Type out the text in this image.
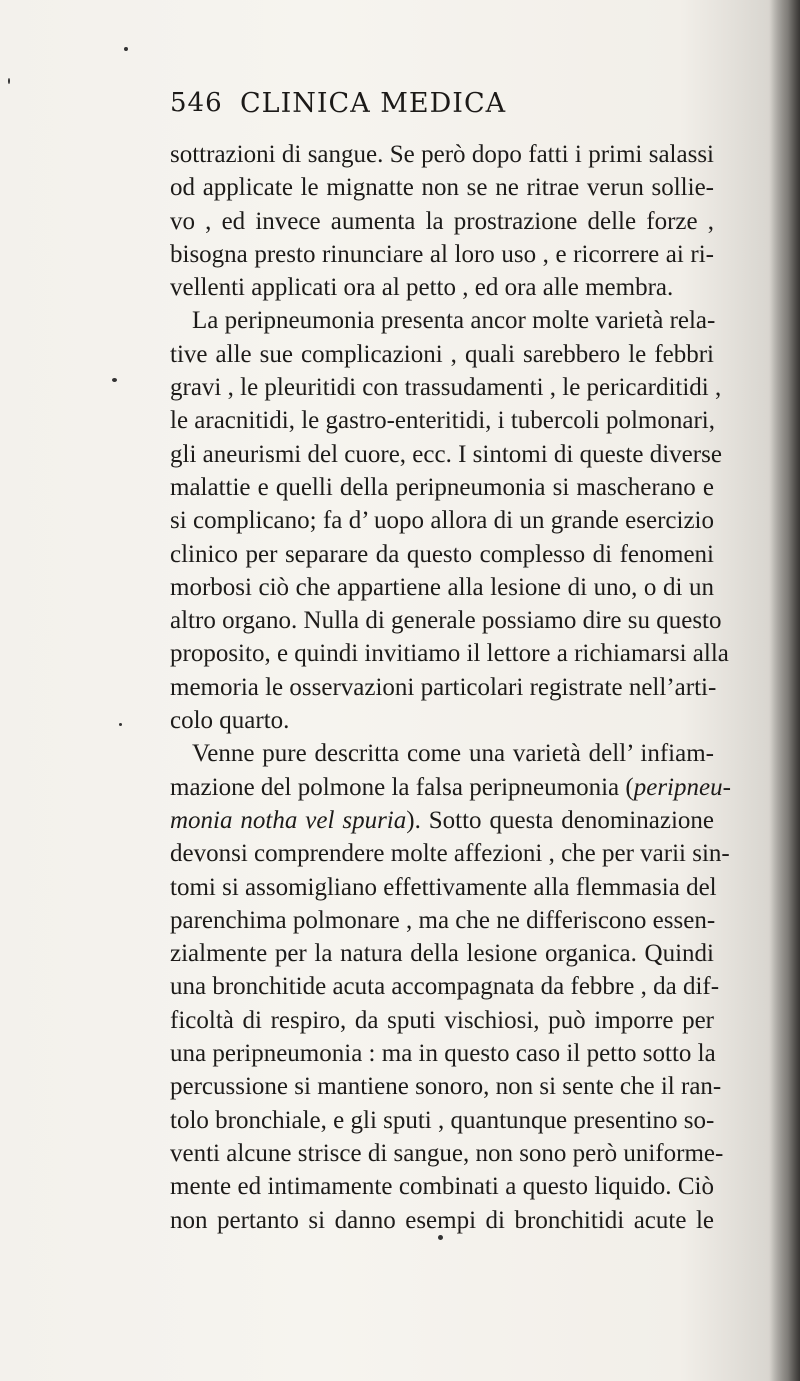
546 CLINICA MEDICA
sottrazioni di sangue. Se però dopo fatti i primi salassi
od applicate le mignatte non se ne ritrae verun sollie-
vo , ed invece aumenta la prostrazione delle forze ,
bisogna presto rinunciare al loro uso , e ricorrere ai ri-
vellenti applicati ora al petto , ed ora alle membra.
La peripneumonia presenta ancor molte varietà rela-
tive alle sue complicazioni , quali sarebbero le febbri
gravi , le pleuritidi con trassudamenti , le pericarditidi ,
le aracnitidi, le gastro-enteritidi, i tubercoli polmonari,
gli aneurismi del cuore, ecc. I sintomi di queste diverse
malattie e quelli della peripneumonia si mascherano e
si complicano; fa d’ uopo allora di un grande esercizio
clinico per separare da questo complesso di fenomeni
morbosi ciò che appartiene alla lesione di uno, o di un
altro organo. Nulla di generale possiamo dire su questo
proposito, e quindi invitiamo il lettore a richiamarsi alla
memoria le osservazioni particolari registrate nell’arti-
colo quarto.
Venne pure descritta come una varietà dell’ infiam-
mazione del polmone la falsa peripneumonia (peripneu-
monia notha vel spuria). Sotto questa denominazione
devonsi comprendere molte affezioni , che per varii sin-
tomi si assomigliano effettivamente alla flemmasia del
parenchima polmonare , ma che ne differiscono essen-
zialmente per la natura della lesione organica. Quindi
una bronchitide acuta accompagnata da febbre , da dif-
ficoltà di respiro, da sputi vischiosi, può imporre per
una peripneumonia : ma in questo caso il petto sotto la
percussione si mantiene sonoro, non si sente che il ran-
tolo bronchiale, e gli sputi , quantunque presentino so-
venti alcune strisce di sangue, non sono però uniforme-
mente ed intimamente combinati a questo liquido. Ciò
non pertanto si danno esempi di bronchitidi acute le
